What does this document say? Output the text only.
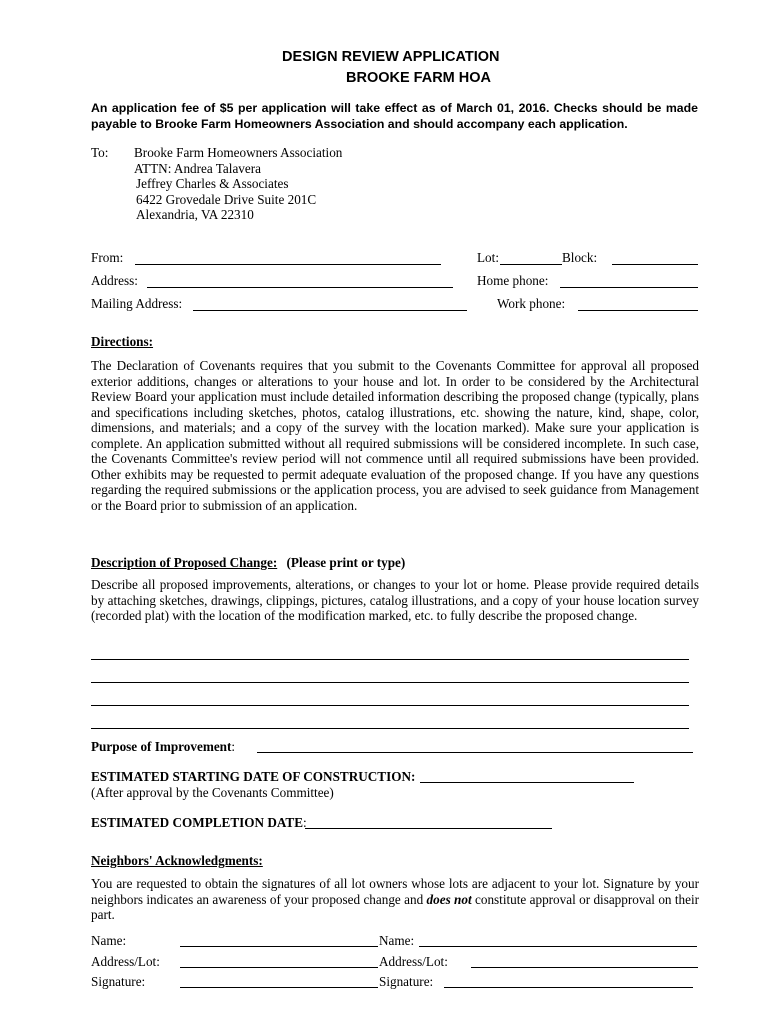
DESIGN REVIEW APPLICATION
BROOKE FARM HOA
An application fee of $5 per application will take effect as of March 01, 2016. Checks should be made payable to Brooke Farm Homeowners Association and should accompany each application.
To: Brooke Farm Homeowners Association
ATTN: Andrea Talavera
Jeffrey Charles & Associates
6422 Grovedale Drive Suite 201C
Alexandria, VA 22310
From:	Lot:	Block:
Address:	Home phone:
Mailing Address:	Work phone:
Directions:
The Declaration of Covenants requires that you submit to the Covenants Committee for approval all proposed exterior additions, changes or alterations to your house and lot. In order to be considered by the Architectural Review Board your application must include detailed information describing the proposed change (typically, plans and specifications including sketches, photos, catalog illustrations, etc. showing the nature, kind, shape, color, dimensions, and materials; and a copy of the survey with the location marked). Make sure your application is complete. An application submitted without all required submissions will be considered incomplete. In such case, the Covenants Committee's review period will not commence until all required submissions have been provided. Other exhibits may be requested to permit adequate evaluation of the proposed change. If you have any questions regarding the required submissions or the application process, you are advised to seek guidance from Management or the Board prior to submission of an application.
Description of Proposed Change: (Please print or type)
Describe all proposed improvements, alterations, or changes to your lot or home. Please provide required details by attaching sketches, drawings, clippings, pictures, catalog illustrations, and a copy of your house location survey (recorded plat) with the location of the modification marked, etc. to fully describe the proposed change.
Purpose of Improvement:
ESTIMATED STARTING DATE OF CONSTRUCTION:
(After approval by the Covenants Committee)
ESTIMATED COMPLETION DATE:
Neighbors' Acknowledgments:
You are requested to obtain the signatures of all lot owners whose lots are adjacent to your lot. Signature by your neighbors indicates an awareness of your proposed change and does not constitute approval or disapproval on their part.
Name:	Name:
Address/Lot:	Address/Lot:
Signature:	Signature:
